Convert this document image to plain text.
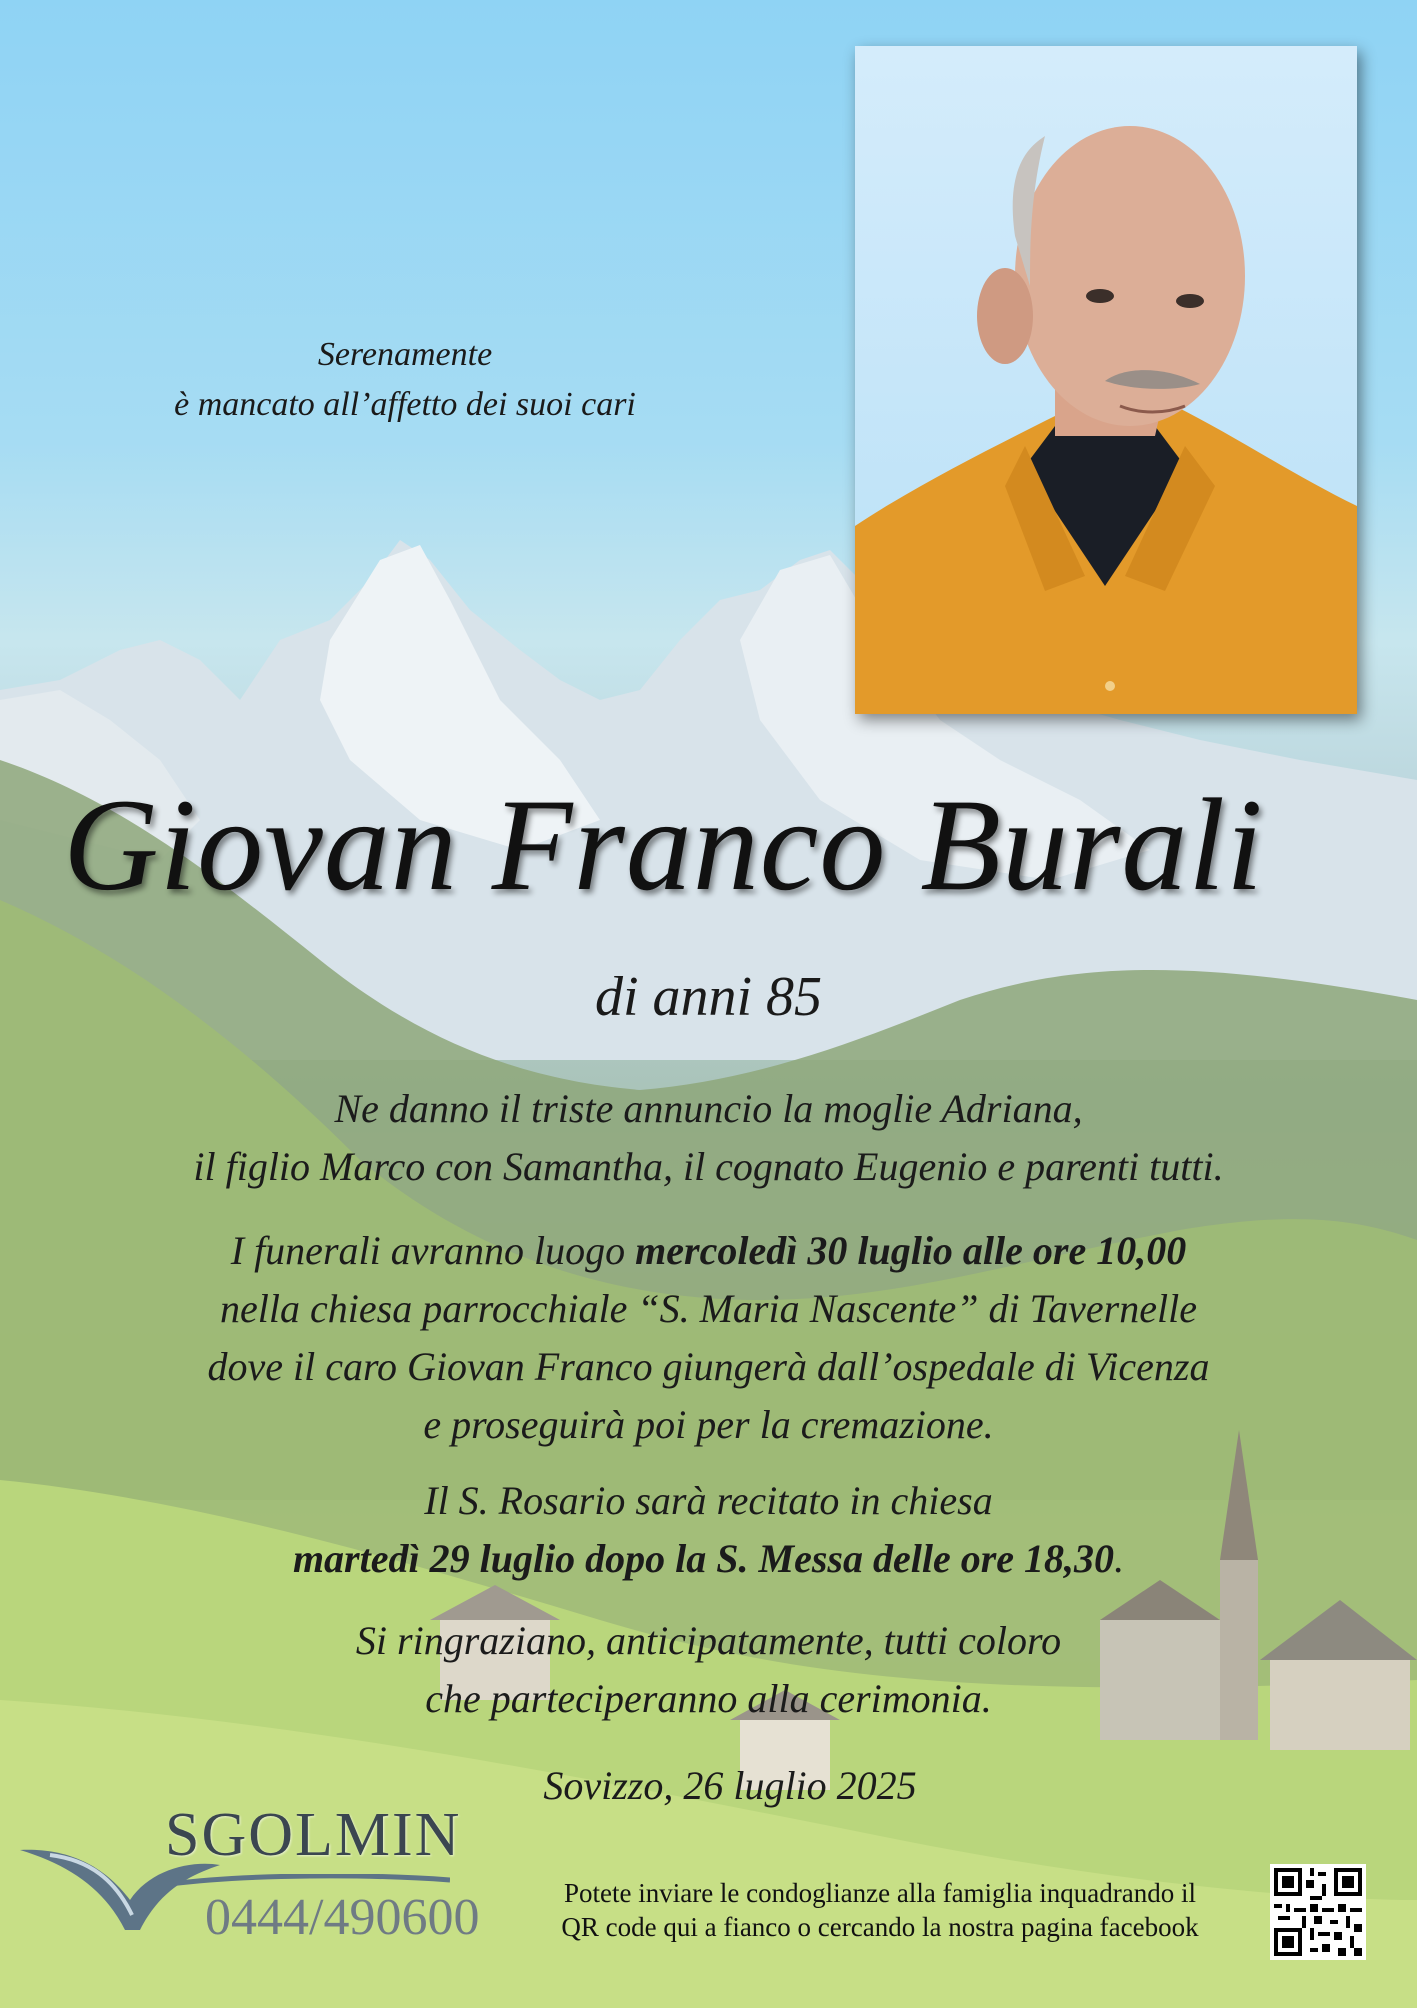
Serenamente
è mancato all’affetto dei suoi cari
Giovan Franco Burali
di anni 85
Ne danno il triste annuncio la moglie Adriana,
il figlio Marco con Samantha, il cognato Eugenio e parenti tutti.
I funerali avranno luogo mercoledì 30 luglio alle ore 10,00
nella chiesa parrocchiale “S. Maria Nascente” di Tavernelle
dove il caro Giovan Franco giungerà dall’ospedale di Vicenza
e proseguirà poi per la cremazione.
Il S. Rosario sarà recitato in chiesa
martedì 29 luglio dopo la S. Messa delle ore 18,30.
Si ringraziano, anticipatamente, tutti coloro
che parteciperanno alla cerimonia.
Sovizzo, 26 luglio 2025
SGOLMIN
0444/490600	Potete inviare le condoglianze alla famiglia inquadrando il
QR code qui a fianco o cercando la nostra pagina facebook
